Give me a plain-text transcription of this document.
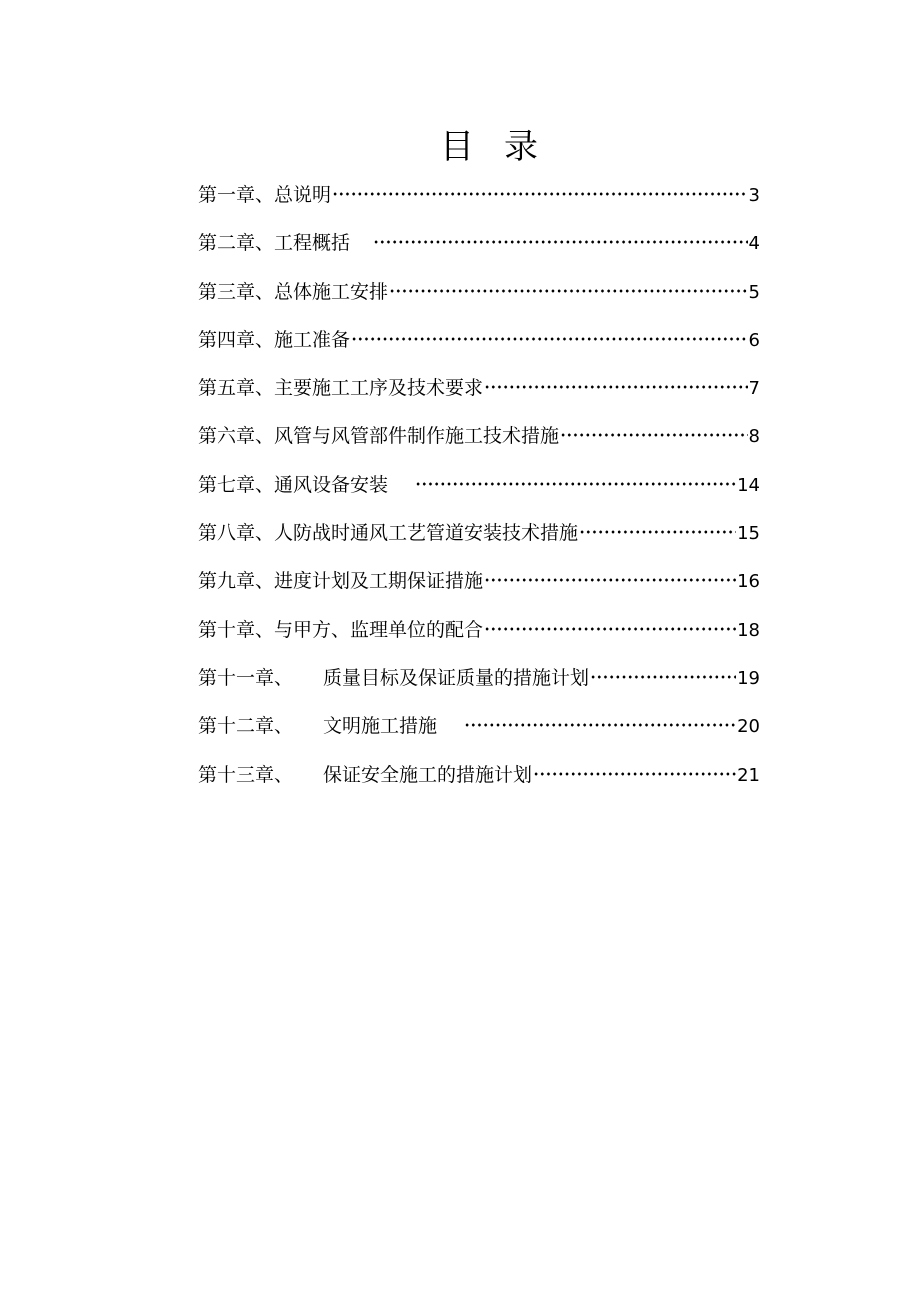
目 录
第一章 、 总说明	3
第二章 、 工程概括	4
第三章 、 总体施工安排	5
第四章 、 施工准备	6
第五章 、 主要施工工序及技术要求	7
第六章 、 风管与风管部件制作施工技术措施	8
第七章 、 通风设备安装	14
第八章 、 人防战时通风工艺管道安装技术措施	15
第九章 、 进度计划及工期保证措施	16
第十章 、 与甲方、监理单位的配合	18
第十一章 、 质量目标及保证质量的措施计划	19
第十二章 、 文明施工措施	20
第十三章 、 保证安全施工的措施计划	21
